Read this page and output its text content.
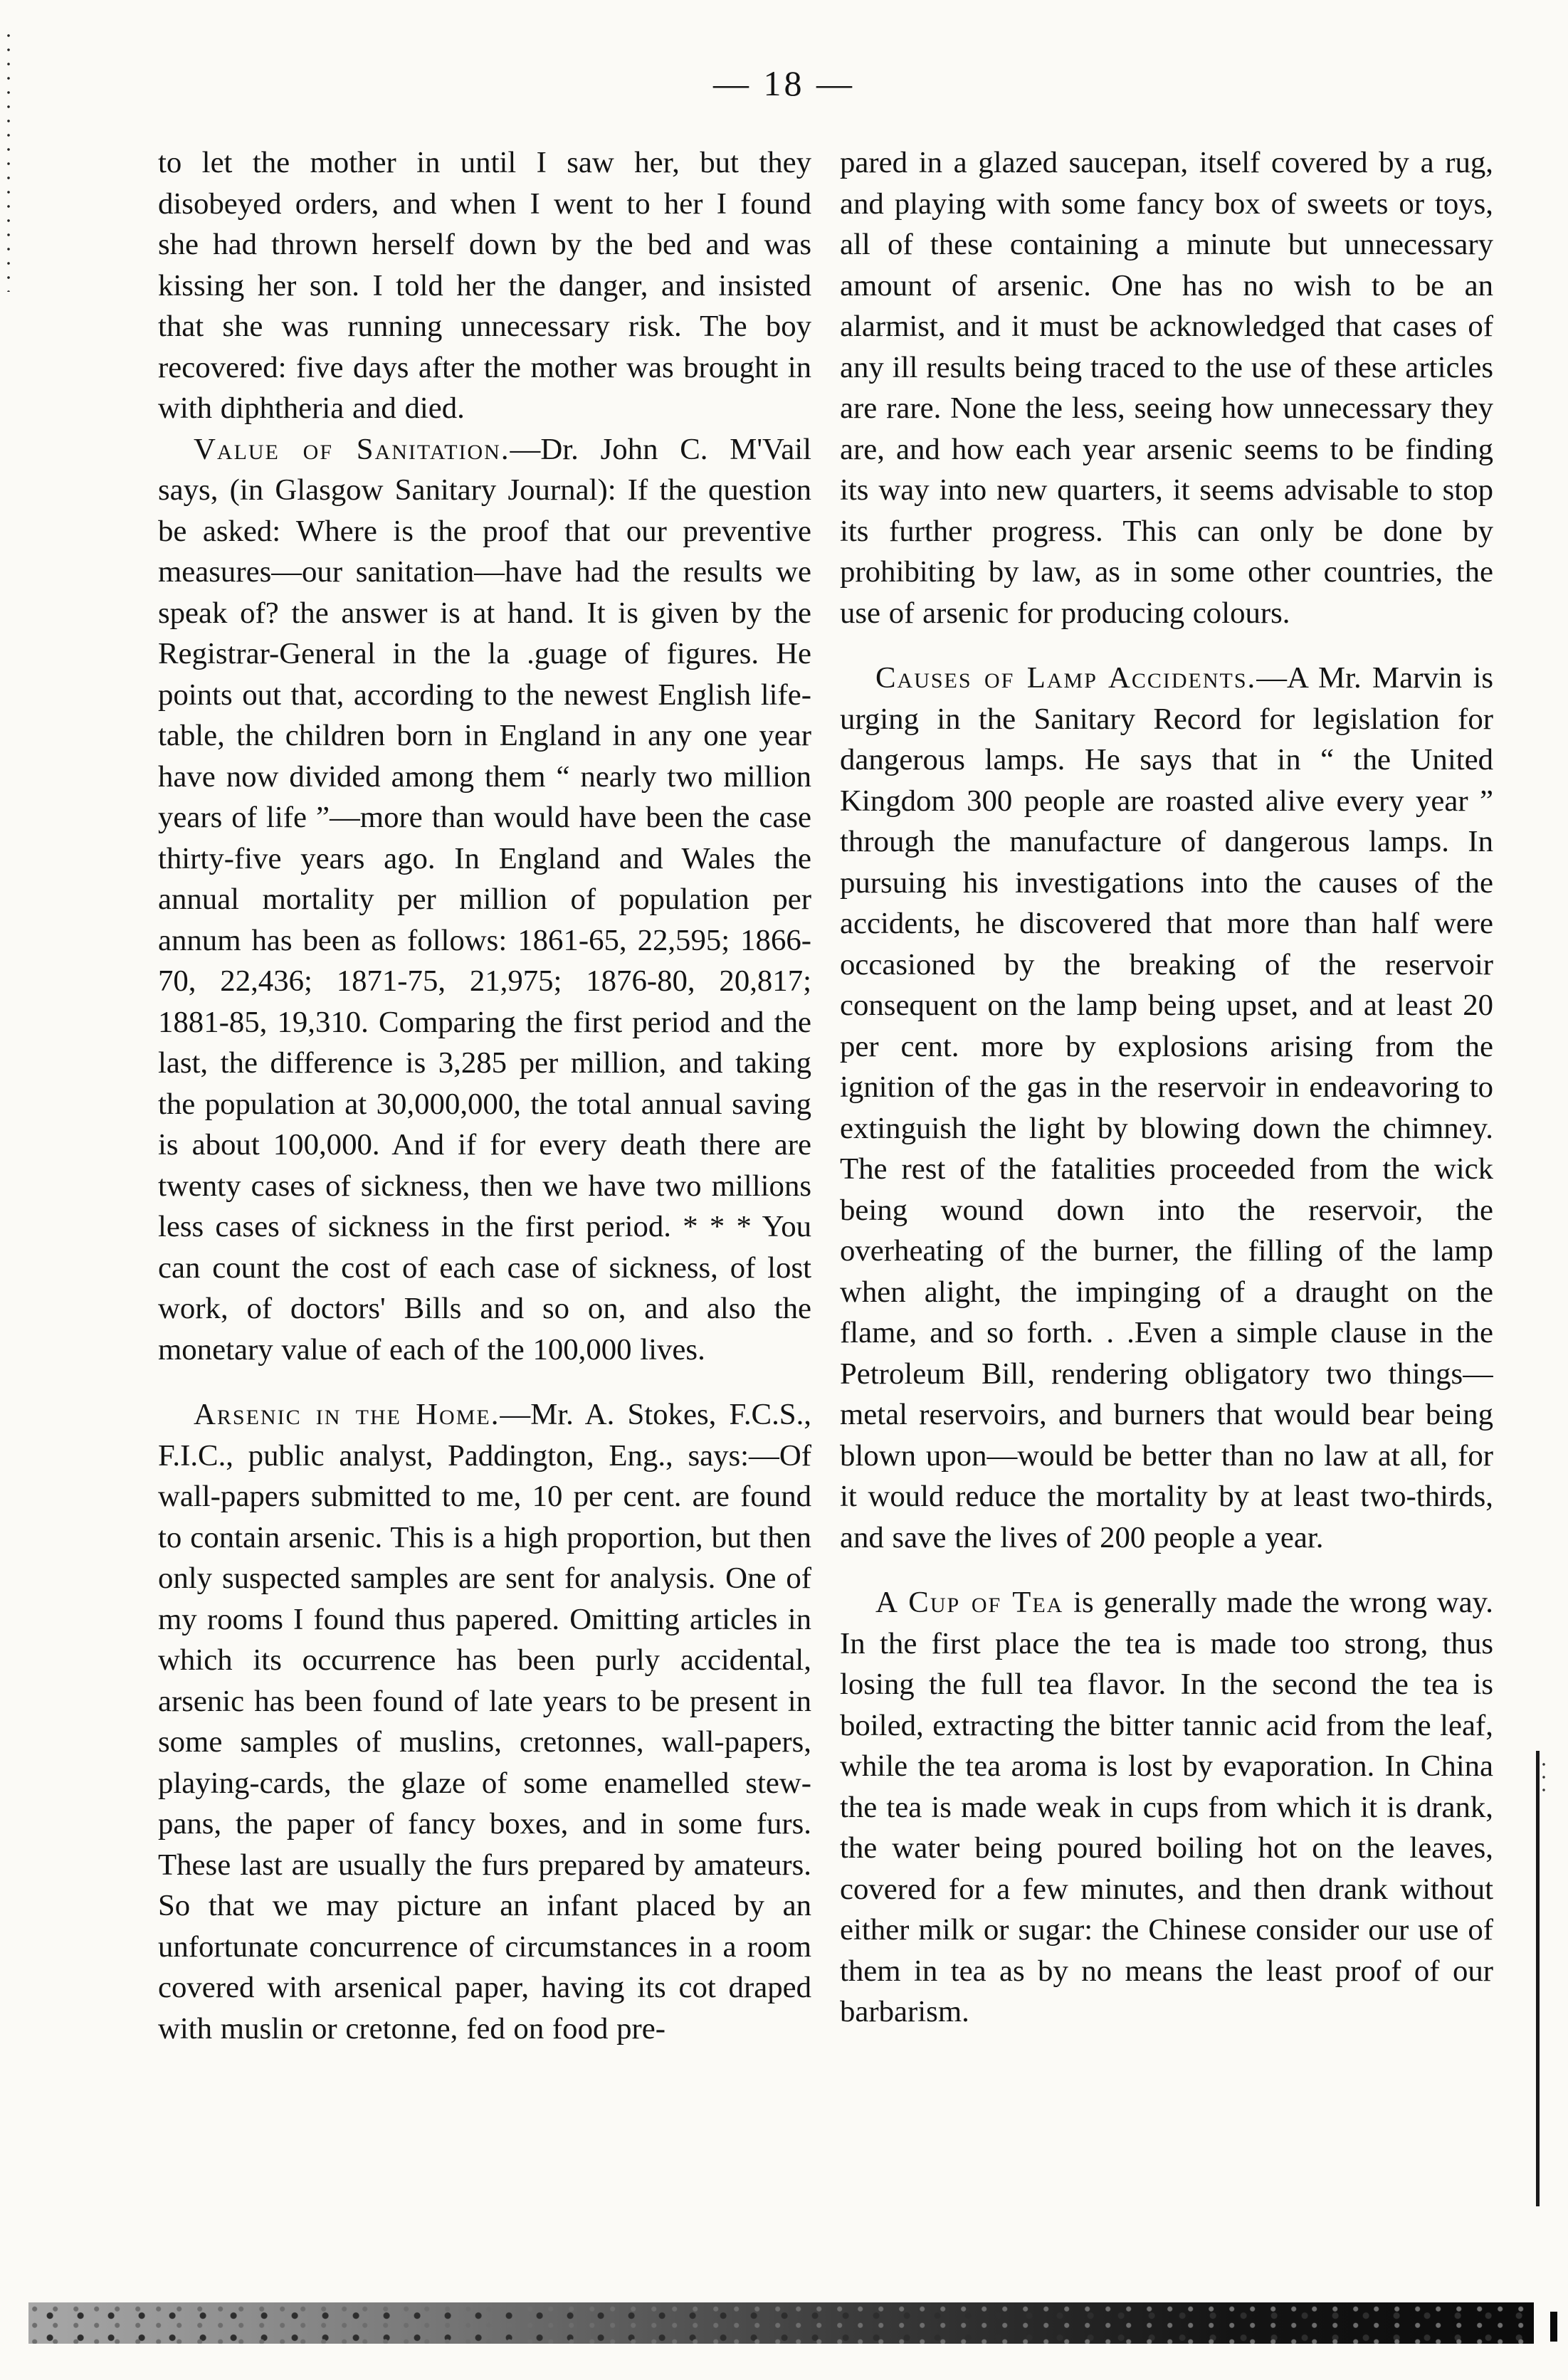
— 18 —

to let the mother in until I saw her, but they disobeyed orders, and when I went to her I found she had thrown herself down by the bed and was kissing her son. I told her the danger, and insisted that she was running unnecessary risk. The boy recovered: five days after the mother was brought in with diphtheria and died.

Value of Sanitation.—Dr. John C. M'Vail says, (in Glasgow Sanitary Journal): If the question be asked: Where is the proof that our preventive measures—our sanitation—have had the results we speak of? the answer is at hand. It is given by the Registrar-General in the la .guage of figures. He points out that, according to the newest English life-table, the children born in England in any one year have now divided among them “ nearly two million years of life ”—more than would have been the case thirty-five years ago. In England and Wales the annual mortality per million of population per annum has been as follows: 1861-65, 22,595; 1866-70, 22,436; 1871-75, 21,975; 1876-80, 20,817; 1881-85, 19,310. Comparing the first period and the last, the difference is 3,285 per million, and taking the population at 30,000,000, the total annual saving is about 100,000. And if for every death there are twenty cases of sickness, then we have two millions less cases of sickness in the first period. * * * You can count the cost of each case of sickness, of lost work, of doctors' Bills and so on, and also the monetary value of each of the 100,000 lives.

Arsenic in the Home.—Mr. A. Stokes, F.C.S., F.I.C., public analyst, Paddington, Eng., says:—Of wall-papers submitted to me, 10 per cent. are found to contain arsenic. This is a high proportion, but then only suspected samples are sent for analysis. One of my rooms I found thus papered. Omitting articles in which its occurrence has been purly accidental, arsenic has been found of late years to be present in some samples of muslins, cretonnes, wall-papers, playing-cards, the glaze of some enamelled stew-pans, the paper of fancy boxes, and in some furs. These last are usually the furs prepared by amateurs. So that we may picture an infant placed by an unfortunate concurrence of circumstances in a room covered with arsenical paper, having its cot draped with muslin or cretonne, fed on food pre-

pared in a glazed saucepan, itself covered by a rug, and playing with some fancy box of sweets or toys, all of these containing a minute but unnecessary amount of arsenic. One has no wish to be an alarmist, and it must be acknowledged that cases of any ill results being traced to the use of these articles are rare. None the less, seeing how unnecessary they are, and how each year arsenic seems to be finding its way into new quarters, it seems advisable to stop its further progress. This can only be done by prohibiting by law, as in some other countries, the use of arsenic for producing colours.

Causes of Lamp Accidents.—A Mr. Marvin is urging in the Sanitary Record for legislation for dangerous lamps. He says that in “ the United Kingdom 300 people are roasted alive every year ” through the manufacture of dangerous lamps. In pursuing his investigations into the causes of the accidents, he discovered that more than half were occasioned by the breaking of the reservoir consequent on the lamp being upset, and at least 20 per cent. more by explosions arising from the ignition of the gas in the reservoir in endeavoring to extinguish the light by blowing down the chimney. The rest of the fatalities proceeded from the wick being wound down into the reservoir, the overheating of the burner, the filling of the lamp when alight, the impinging of a draught on the flame, and so forth. . .Even a simple clause in the Petroleum Bill, rendering obligatory two things—metal reservoirs, and burners that would bear being blown upon—would be better than no law at all, for it would reduce the mortality by at least two-thirds, and save the lives of 200 people a year.

A Cup of Tea is generally made the wrong way. In the first place the tea is made too strong, thus losing the full tea flavor. In the second the tea is boiled, extracting the bitter tannic acid from the leaf, while the tea aroma is lost by evaporation. In China the tea is made weak in cups from which it is drank, the water being poured boiling hot on the leaves, covered for a few minutes, and then drank without either milk or sugar: the Chinese consider our use of them in tea as by no means the least proof of our barbarism.
